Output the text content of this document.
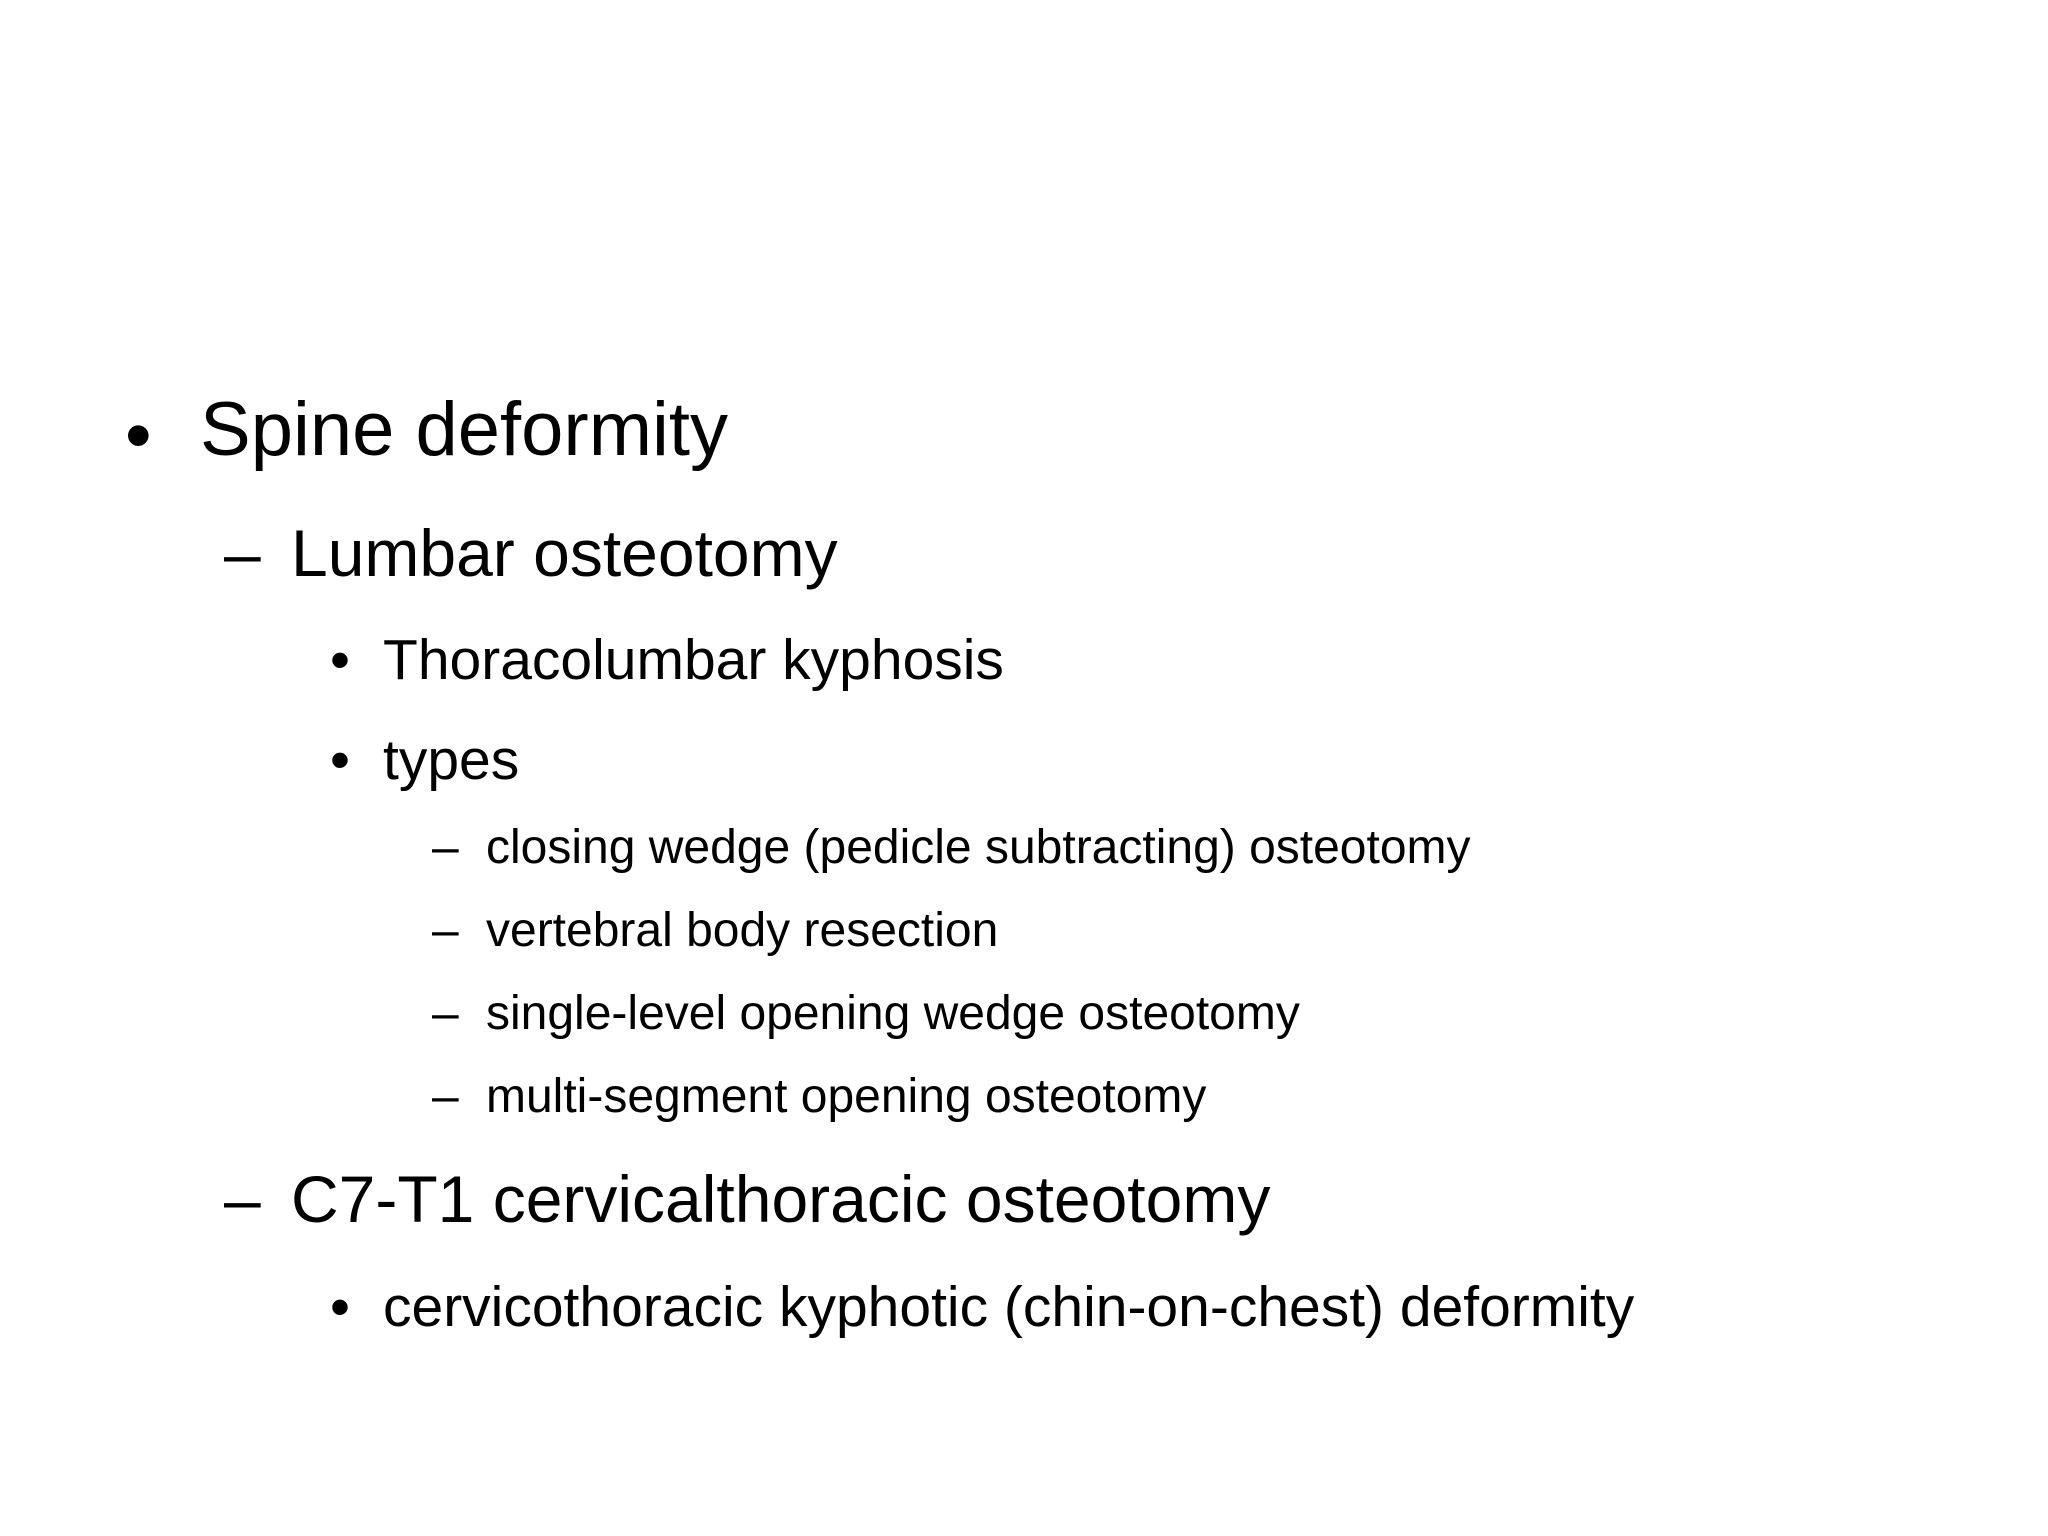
• Spine deformity
– Lumbar osteotomy
• Thoracolumbar kyphosis
• types
– closing wedge (pedicle subtracting) osteotomy
– vertebral body resection
– single-level opening wedge osteotomy
– multi-segment opening osteotomy
– C7-T1 cervicalthoracic osteotomy
• cervicothoracic kyphotic (chin-on-chest) deformity
